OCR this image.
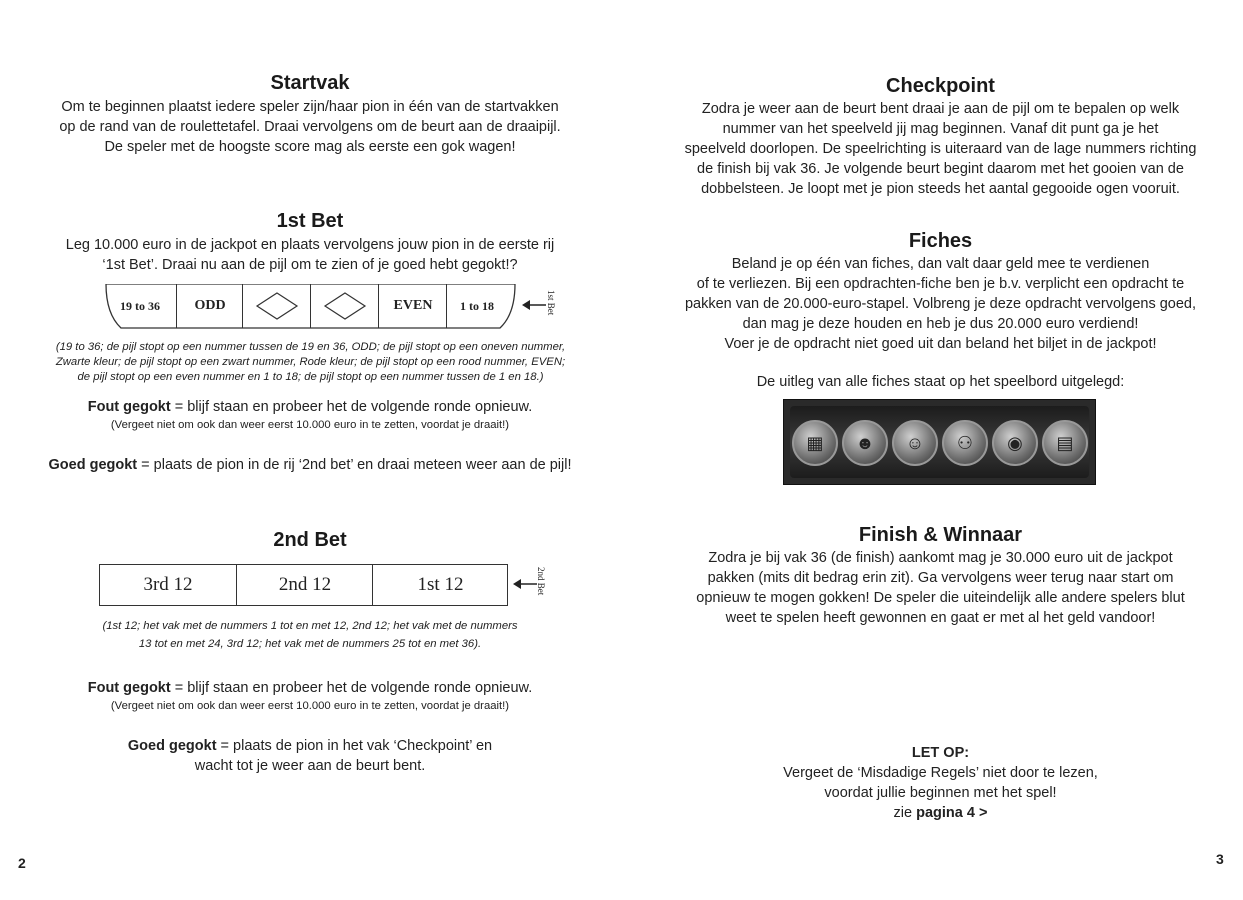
Startvak

Om te beginnen plaatst iedere speler zijn/haar pion in één van de startvakken

op de rand van de roulettetafel. Draai vervolgens om de beurt aan de draaipijl.

De speler met de hoogste score mag als eerste een gok wagen!

1st Bet

Leg 10.000 euro in de jackpot en plaats vervolgens jouw pion in de eerste rij

‘1st Bet’. Draai nu aan de pijl om te zien of je goed hebt gegokt!?

19 to 36 ODD	EVEN 1 to 18	1st Bet

(19 to 36; de pijl stopt op een nummer tussen de 19 en 36, ODD; de pijl stopt op een oneven nummer,

Zwarte kleur; de pijl stopt op een zwart nummer, Rode kleur; de pijl stopt op een rood nummer, EVEN;

de pijl stopt op een even nummer en 1 to 18; de pijl stopt op een nummer tussen de 1 en 18.)

Fout gegokt = blijf staan en probeer het de volgende ronde opnieuw.

(Vergeet niet om ook dan weer eerst 10.000 euro in te zetten, voordat je draait!)

Goed gegokt = plaats de pion in de rij ‘2nd bet’ en draai meteen weer aan de pijl!

2nd Bet
3rd 12	2nd 12	1st 12	2nd Bet

(1st 12; het vak met de nummers 1 tot en met 12, 2nd 12; het vak met de nummers

13 tot en met 24, 3rd 12; het vak met de nummers 25 tot en met 36).

Fout gegokt = blijf staan en probeer het de volgende ronde opnieuw.

(Vergeet niet om ook dan weer eerst 10.000 euro in te zetten, voordat je draait!)

Goed gegokt = plaats de pion in het vak ‘Checkpoint’ en

wacht tot je weer aan de beurt bent.

2
Checkpoint

Zodra je weer aan de beurt bent draai je aan de pijl om te bepalen op welk

nummer van het speelveld jij mag beginnen. Vanaf dit punt ga je het

speelveld doorlopen. De speelrichting is uiteraard van de lage nummers richting

de finish bij vak 36. Je volgende beurt begint daarom met het gooien van de

dobbelsteen. Je loopt met je pion steeds het aantal gegooide ogen vooruit.

Fiches

Beland je op één van fiches, dan valt daar geld mee te verdienen

of te verliezen. Bij een opdrachten-fiche ben je b.v. verplicht een opdracht te

pakken van de 20.000-euro-stapel. Volbreng je deze opdracht vervolgens goed,

dan mag je deze houden en heb je dus 20.000 euro verdiend!

Voer je de opdracht niet goed uit dan beland het biljet in de jackpot!

De uitleg van alle fiches staat op het speelbord uitgelegd:

▦	☻	☺	⚇	◉	▤
Finish & Winnaar

Zodra je bij vak 36 (de finish) aankomt mag je 30.000 euro uit de jackpot

pakken (mits dit bedrag erin zit). Ga vervolgens weer terug naar start om

opnieuw te mogen gokken! De speler die uiteindelijk alle andere spelers blut

weet te spelen heeft gewonnen en gaat er met al het geld vandoor!

LET OP:

Vergeet de ‘Misdadige Regels’ niet door te lezen,

voordat jullie beginnen met het spel!

zie pagina 4 >

3
